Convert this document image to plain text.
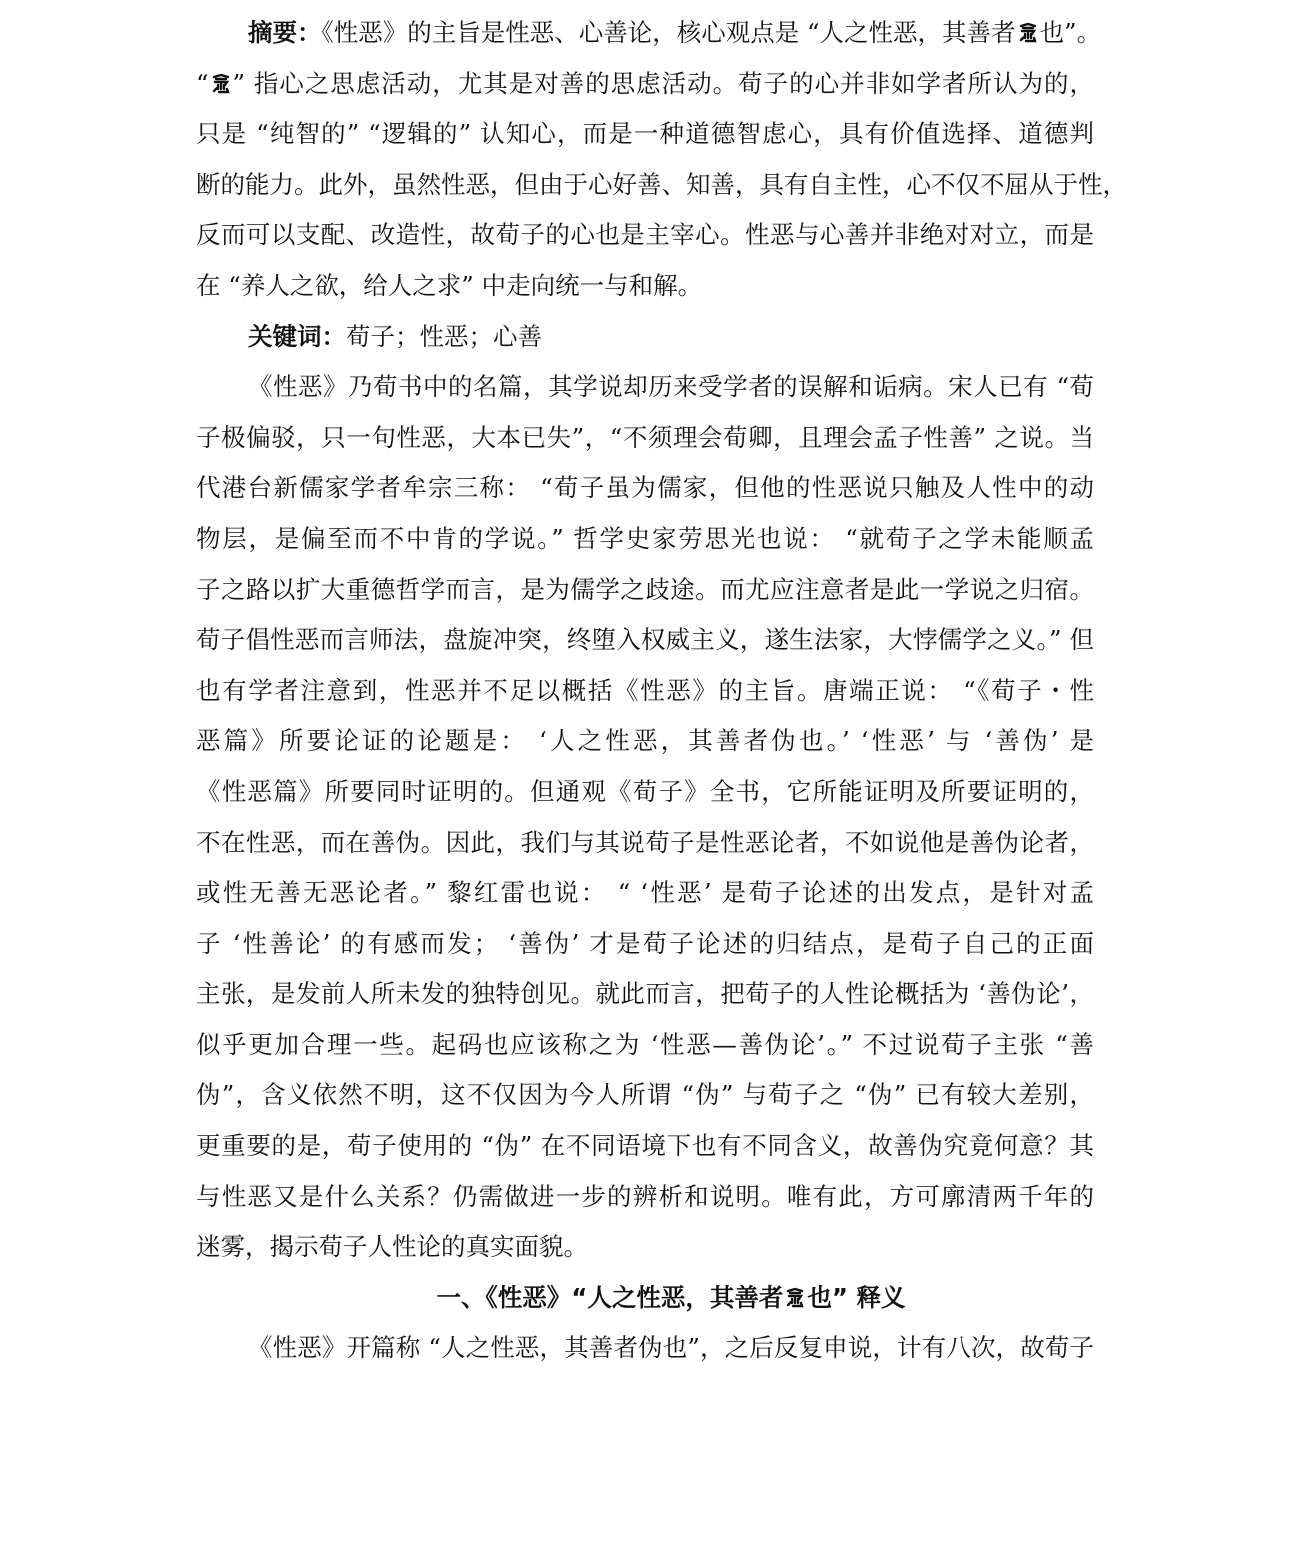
摘要：《性恶》的主旨是性恶、心善论，核心观点是 “人之性恶，其善者 也”。
“ ” 指心之思虑活动，尤其是对善的思虑活动。荀子的心并非如学者所认为的，
只是 “纯智的” “逻辑的” 认知心，而是一种道德智虑心，具有价值选择、道德判
断的能力。此外，虽然性恶，但由于心好善、知善，具有自主性，心不仅不屈从于性，
反而可以支配、改造性，故荀子的心也是主宰心。性恶与心善并非绝对对立，而是
在 “养人之欲，给人之求” 中走向统一与和解。
关键词：荀子；性恶；心善
《性恶》乃荀书中的名篇，其学说却历来受学者的误解和诟病。宋人已有 “荀
子极偏驳，只一句性恶，大本已失”，“不须理会荀卿，且理会孟子性善” 之说。当
代港台新儒家学者牟宗三称： “荀子虽为儒家，但他的性恶说只触及人性中的动
物层，是偏至而不中肯的学说。” 哲学史家劳思光也说： “就荀子之学未能顺孟
子之路以扩大重德哲学而言，是为儒学之歧途。而尤应注意者是此一学说之归宿。
荀子倡性恶而言师法，盘旋冲突，终堕入权威主义，遂生法家，大悖儒学之义。” 但
也有学者注意到，性恶并不足以概括《性恶》的主旨。唐端正说： “《荀子・性
恶篇》所要论证的论题是： ‘人之性恶，其善者伪也。’ ‘性恶’ 与 ‘善伪’ 是
《性恶篇》所要同时证明的。但通观《荀子》全书，它所能证明及所要证明的，
不在性恶，而在善伪。因此，我们与其说荀子是性恶论者，不如说他是善伪论者，
或性无善无恶论者。” 黎红雷也说： “ ‘性恶’ 是荀子论述的出发点，是针对孟
子 ‘性善论’ 的有感而发； ‘善伪’ 才是荀子论述的归结点，是荀子自己的正面
主张，是发前人所未发的独特创见。就此而言，把荀子的人性论概括为 ‘善伪论’，
似乎更加合理一些。起码也应该称之为 ‘性恶—善伪论’。” 不过说荀子主张 “善
伪”，含义依然不明，这不仅因为今人所谓 “伪” 与荀子之 “伪” 已有较大差别，
更重要的是，荀子使用的 “伪” 在不同语境下也有不同含义，故善伪究竟何意？其
与性恶又是什么关系？仍需做进一步的辨析和说明。唯有此，方可廓清两千年的
迷雾，揭示荀子人性论的真实面貌。
一、《性恶》“人之性恶，其善者 也” 释义
《性恶》开篇称 “人之性恶，其善者伪也”，之后反复申说，计有八次，故荀子
